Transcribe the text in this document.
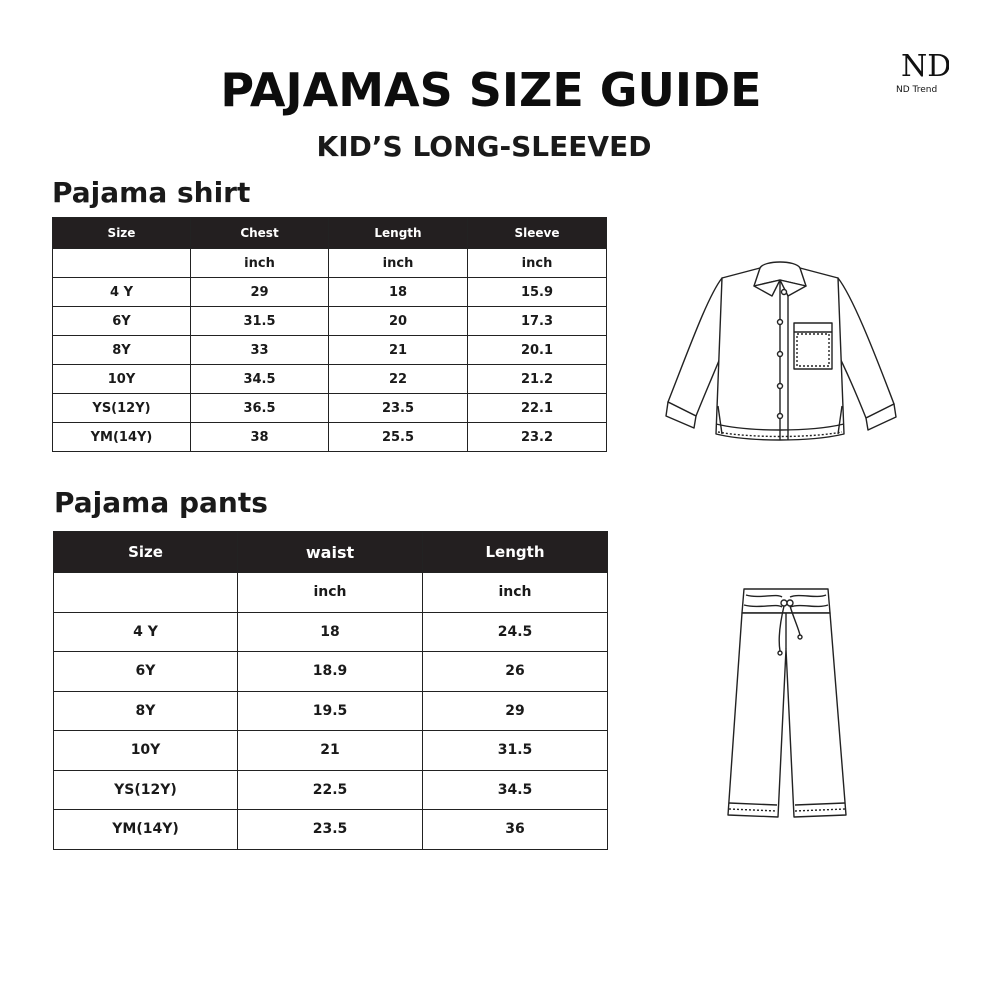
PAJAMAS SIZE GUIDE
KID’S LONG-SLEEVED
ND
ND Trend
Pajama shirt
Size	Chest	Length	Sleeve
	inch	inch	inch
4 Y	29	18	15.9
6Y	31.5	20	17.3
8Y	33	21	20.1
10Y	34.5	22	21.2
YS(12Y)	36.5	23.5	22.1
YM(14Y)	38	25.5	23.2
Pajama pants
Size	waist	Length
	inch	inch
4 Y	18	24.5
6Y	18.9	26
8Y	19.5	29
10Y	21	31.5
YS(12Y)	22.5	34.5
YM(14Y)	23.5	36
